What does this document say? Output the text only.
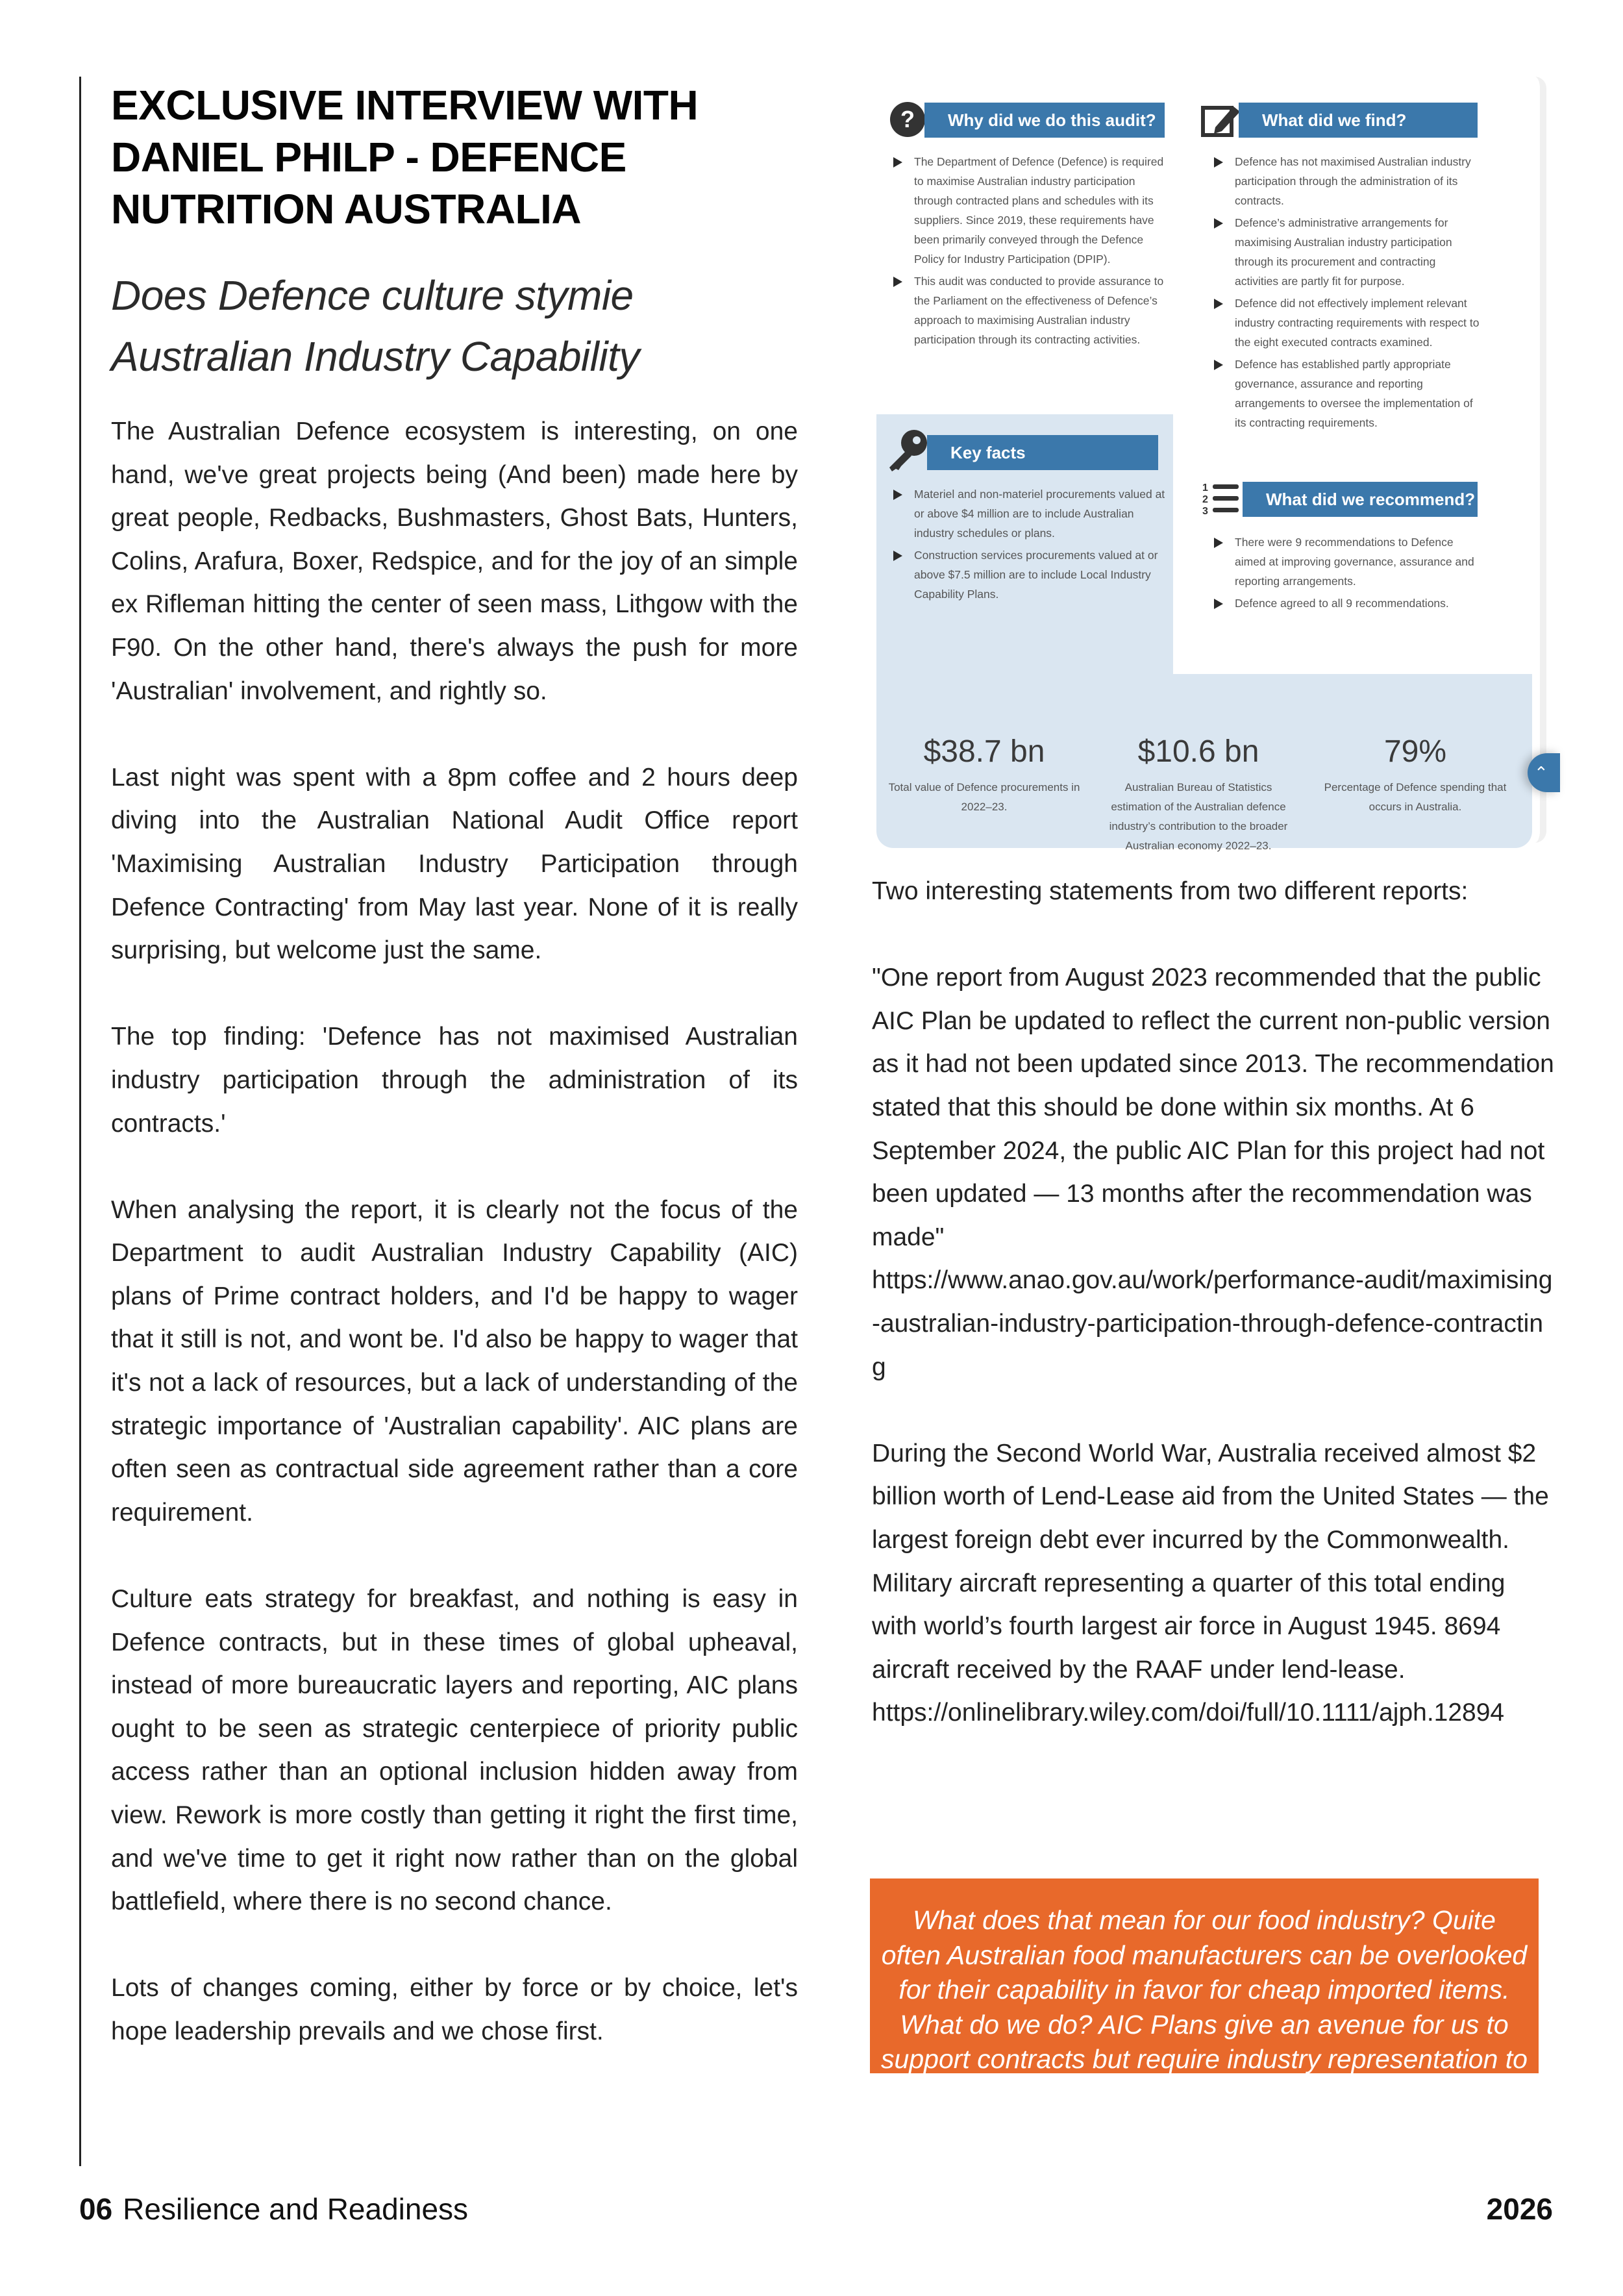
EXCLUSIVE INTERVIEW WITH DANIEL PHILP - DEFENCE NUTRITION AUSTRALIA
Does Defence culture stymie Australian Industry Capability

The Australian Defence ecosystem is interesting, on one hand, we've great projects being (And been) made here by great people, Redbacks, Bushmasters, Ghost Bats, Hunters, Colins, Arafura, Boxer, Redspice, and for the joy of an simple ex Rifleman hitting the center of seen mass, Lithgow with the F90. On the other hand, there's always the push for more 'Australian' involvement, and rightly so.

Last night was spent with a 8pm coffee and 2 hours deep diving into the Australian National Audit Office report 'Maximising Australian Industry Participation through Defence Contracting' from May last year. None of it is really surprising, but welcome just the same.

The top finding: 'Defence has not maximised Australian industry participation through the administration of its contracts.'

When analysing the report, it is clearly not the focus of the Department to audit Australian Industry Capability (AIC) plans of Prime contract holders, and I'd be happy to wager that it still is not, and wont be. I'd also be happy to wager that it's not a lack of resources, but a lack of understanding of the strategic importance of 'Australian capability'. AIC plans are often seen as contractual side agreement rather than a core requirement.

Culture eats strategy for breakfast, and nothing is easy in Defence contracts, but in these times of global upheaval, instead of more bureaucratic layers and reporting, AIC plans ought to be seen as strategic centerpiece of priority public access rather than an optional inclusion hidden away from view. Rework is more costly than getting it right the first time, and we've time to get it right now rather than on the global battlefield, where there is no second chance.

Lots of changes coming, either by force or by choice, let's hope leadership prevails and we chose first.

?	Why did we do this audit?
The Department of Defence (Defence) is required to maximise Australian industry participation through contracted plans and schedules with its suppliers. Since 2019, these requirements have been primarily conveyed through the Defence Policy for Industry Participation (DPIP).
This audit was conducted to provide assurance to the Parliament on the effectiveness of Defence’s approach to maximising Australian industry participation through its contracting activities.
What did we find?
Defence has not maximised Australian industry participation through the administration of its contracts.
Defence’s administrative arrangements for maximising Australian industry participation through its procurement and contracting activities are partly fit for purpose.
Defence did not effectively implement relevant industry contracting requirements with respect to the eight executed contracts examined.
Defence has established partly appropriate governance, assurance and reporting arrangements to oversee the implementation of its contracting requirements.
Key facts
Materiel and non-materiel procurements valued at or above $4 million are to include Australian industry schedules or plans.
Construction services procurements valued at or above $7.5 million are to include Local Industry Capability Plans.
1
2
3
What did we recommend?
There were 9 recommendations to Defence aimed at improving governance, assurance and reporting arrangements.
Defence agreed to all 9 recommendations.
$38.7 bn
Total value of Defence procurements in 2022–23.
$10.6 bn
Australian Bureau of Statistics estimation of the Australian defence industry’s contribution to the broader Australian economy 2022–23.
79%
Percentage of Defence spending that occurs in Australia.
⌃

Two interesting statements from two different reports:

"One report from August 2023 recommended that the public AIC Plan be updated to reflect the current non-public version as it had not been updated since 2013. The recommendation stated that this should be done within six months. At 6 September 2024, the public AIC Plan for this project had not been updated — 13 months after the recommendation was made"
https://www.anao.gov.au/work/performance-audit/maximising-australian-industry-participation-through-defence-contracting

During the Second World War, Australia received almost $2 billion worth of Lend-Lease aid from the United States — the largest foreign debt ever incurred by the Commonwealth. Military aircraft representing a quarter of this total ending with world’s fourth largest air force in August 1945. 8694 aircraft received by the RAAF under lend-lease.
https://onlinelibrary.wiley.com/doi/full/10.1111/ajph.12894

What does that mean for our food industry? Quite often Australian food manufacturers can be overlooked for their capability in favor for cheap imported items. What do we do? AIC Plans give an avenue for us to support contracts but require industry representation to ensure transparency and adhearance.
06 Resilience and Readiness	2026
